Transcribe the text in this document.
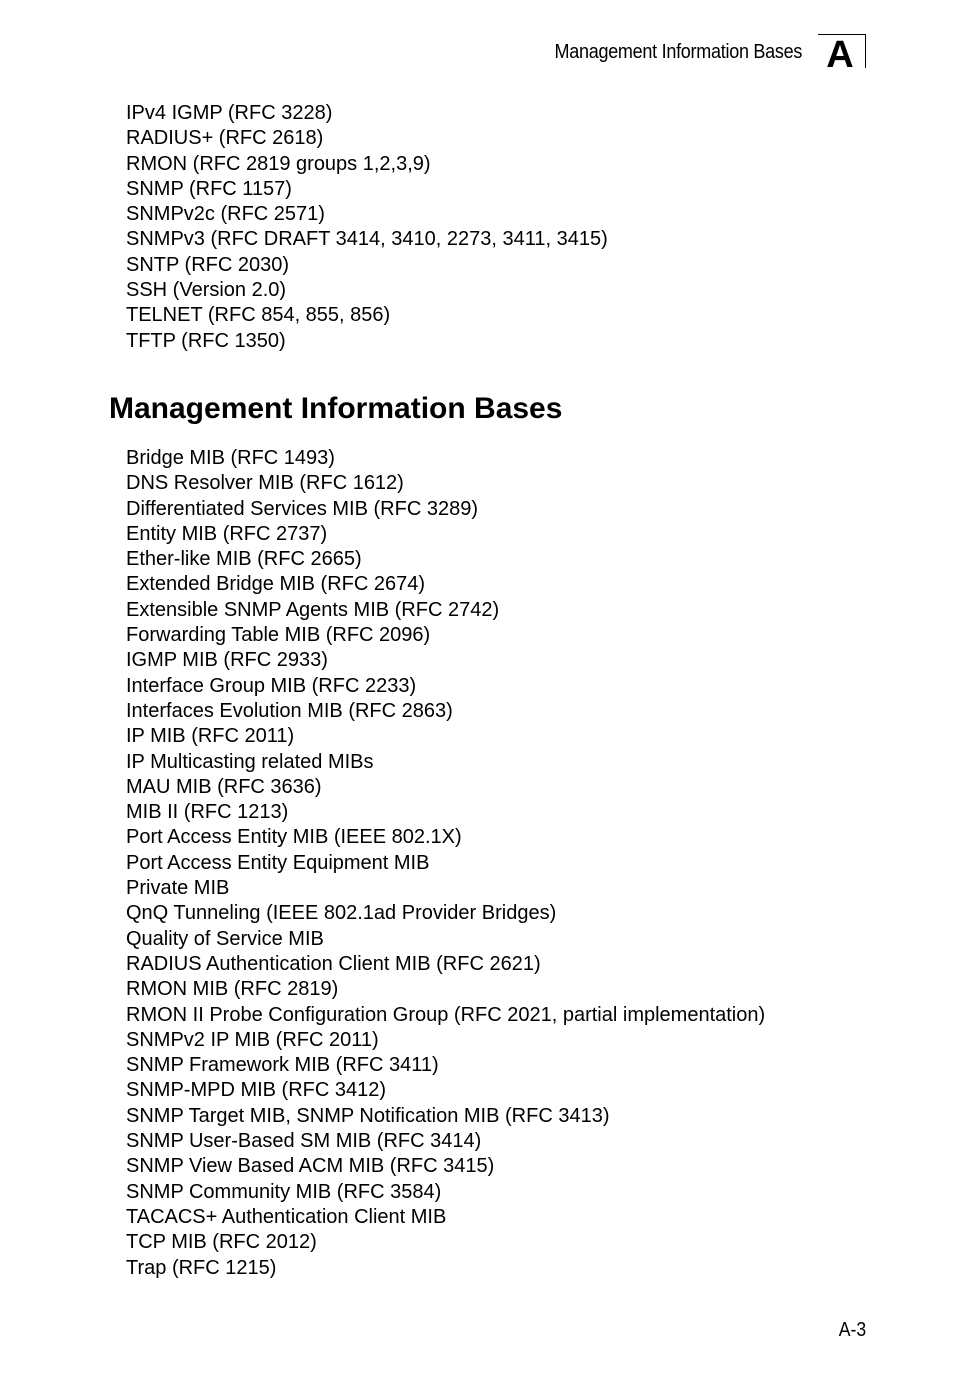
Management Information Bases A
IPv4 IGMP (RFC 3228)
RADIUS+ (RFC 2618)
RMON (RFC 2819 groups 1,2,3,9)
SNMP (RFC 1157)
SNMPv2c (RFC 2571)
SNMPv3 (RFC DRAFT 3414, 3410, 2273, 3411, 3415)
SNTP (RFC 2030)
SSH (Version 2.0)
TELNET (RFC 854, 855, 856)
TFTP (RFC 1350)
Management Information Bases
Bridge MIB (RFC 1493)
DNS Resolver MIB (RFC 1612)
Differentiated Services MIB (RFC 3289)
Entity MIB (RFC 2737)
Ether-like MIB (RFC 2665)
Extended Bridge MIB (RFC 2674)
Extensible SNMP Agents MIB (RFC 2742)
Forwarding Table MIB (RFC 2096)
IGMP MIB (RFC 2933)
Interface Group MIB (RFC 2233)
Interfaces Evolution MIB (RFC 2863)
IP MIB (RFC 2011)
IP Multicasting related MIBs
MAU MIB (RFC 3636)
MIB II (RFC 1213)
Port Access Entity MIB (IEEE 802.1X)
Port Access Entity Equipment MIB
Private MIB
QnQ Tunneling (IEEE 802.1ad Provider Bridges)
Quality of Service MIB
RADIUS Authentication Client MIB (RFC 2621)
RMON MIB (RFC 2819)
RMON II Probe Configuration Group (RFC 2021, partial implementation)
SNMPv2 IP MIB (RFC 2011)
SNMP Framework MIB (RFC 3411)
SNMP-MPD MIB (RFC 3412)
SNMP Target MIB, SNMP Notification MIB (RFC 3413)
SNMP User-Based SM MIB (RFC 3414)
SNMP View Based ACM MIB (RFC 3415)
SNMP Community MIB (RFC 3584)
TACACS+ Authentication Client MIB
TCP MIB (RFC 2012)
Trap (RFC 1215)
A-3
